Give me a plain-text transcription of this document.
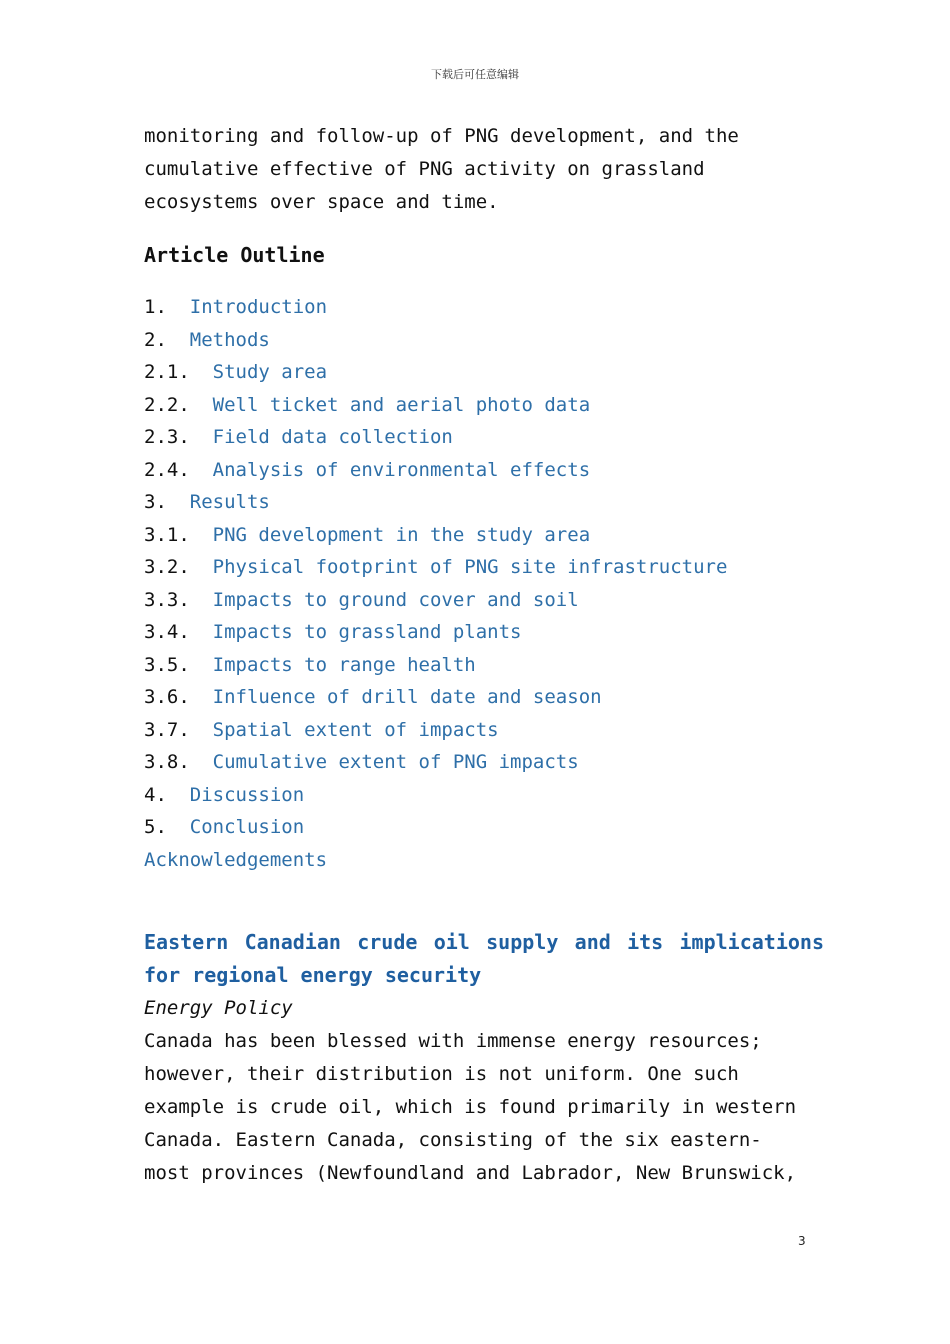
下载后可任意编辑

monitoring and follow-up of PNG development, and the

cumulative effective of PNG activity on grassland

ecosystems over space and time.

Article Outline
1.  Introduction
2.  Methods
2.1.  Study area
2.2.  Well ticket and aerial photo data
2.3.  Field data collection
2.4.  Analysis of environmental effects
3.  Results
3.1.  PNG development in the study area
3.2.  Physical footprint of PNG site infrastructure
3.3.  Impacts to ground cover and soil
3.4.  Impacts to grassland plants
3.5.  Impacts to range health
3.6.  Influence of drill date and season
3.7.  Spatial extent of impacts
3.8.  Cumulative extent of PNG impacts
4.  Discussion
5.  Conclusion
Acknowledgements
Eastern Canadian crude oil supply and its implications for regional energy security
Energy Policy

Canada has been blessed with immense energy resources;

however, their distribution is not uniform. One such

example is crude oil, which is found primarily in western

Canada. Eastern Canada, consisting of the six eastern-

most provinces (Newfoundland and Labrador, New Brunswick,

3
